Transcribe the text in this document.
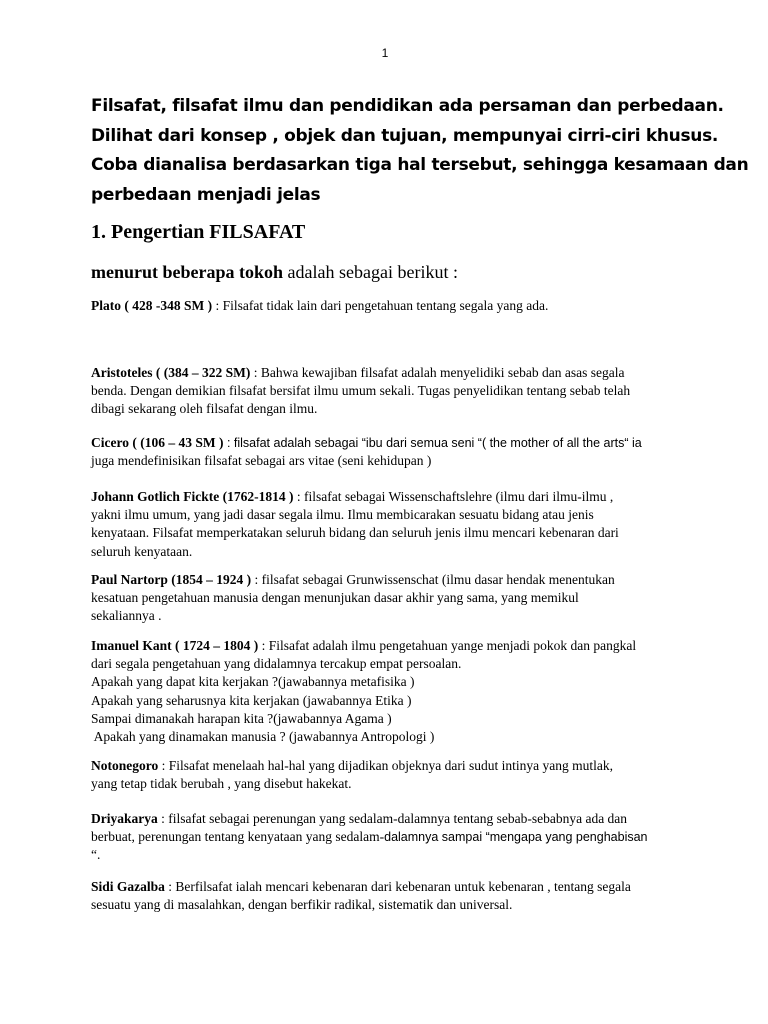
1
Filsafat, filsafat ilmu dan pendidikan ada persaman dan perbedaan.
Dilihat dari konsep , objek dan tujuan, mempunyai cirri-ciri khusus.
Coba dianalisa berdasarkan tiga hal tersebut, sehingga kesamaan dan
perbedaan menjadi jelas
1. Pengertian FILSAFAT
menurut beberapa tokoh adalah sebagai berikut :
Plato ( 428 -348 SM ) : Filsafat tidak lain dari pengetahuan tentang segala yang ada.
Aristoteles ( (384 – 322 SM) : Bahwa kewajiban filsafat adalah menyelidiki sebab dan asas segala
benda. Dengan demikian filsafat bersifat ilmu umum sekali. Tugas penyelidikan tentang sebab telah
dibagi sekarang oleh filsafat dengan ilmu.
Cicero ( (106 – 43 SM ) : filsafat adalah sebagai “ibu dari semua seni “( the mother of all the arts“ ia
juga mendefinisikan filsafat sebagai ars vitae (seni kehidupan )
Johann Gotlich Fickte (1762-1814 ) : filsafat sebagai Wissenschaftslehre (ilmu dari ilmu-ilmu ,
yakni ilmu umum, yang jadi dasar segala ilmu. Ilmu membicarakan sesuatu bidang atau jenis
kenyataan. Filsafat memperkatakan seluruh bidang dan seluruh jenis ilmu mencari kebenaran dari
seluruh kenyataan.
Paul Nartorp (1854 – 1924 ) : filsafat sebagai Grunwissenschat (ilmu dasar hendak menentukan
kesatuan pengetahuan manusia dengan menunjukan dasar akhir yang sama, yang memikul
sekaliannya .
Imanuel Kant ( 1724 – 1804 ) : Filsafat adalah ilmu pengetahuan yange menjadi pokok dan pangkal
dari segala pengetahuan yang didalamnya tercakup empat persoalan.
Apakah yang dapat kita kerjakan ?(jawabannya metafisika )
Apakah yang seharusnya kita kerjakan (jawabannya Etika )
Sampai dimanakah harapan kita ?(jawabannya Agama )
Apakah yang dinamakan manusia ? (jawabannya Antropologi )
Notonegoro : Filsafat menelaah hal-hal yang dijadikan objeknya dari sudut intinya yang mutlak,
yang tetap tidak berubah , yang disebut hakekat.
Driyakarya : filsafat sebagai perenungan yang sedalam-dalamnya tentang sebab-sebabnya ada dan
berbuat, perenungan tentang kenyataan yang sedalam-dalamnya sampai “mengapa yang penghabisan
“.
Sidi Gazalba : Berfilsafat ialah mencari kebenaran dari kebenaran untuk kebenaran , tentang segala
sesuatu yang di masalahkan, dengan berfikir radikal, sistematik dan universal.
